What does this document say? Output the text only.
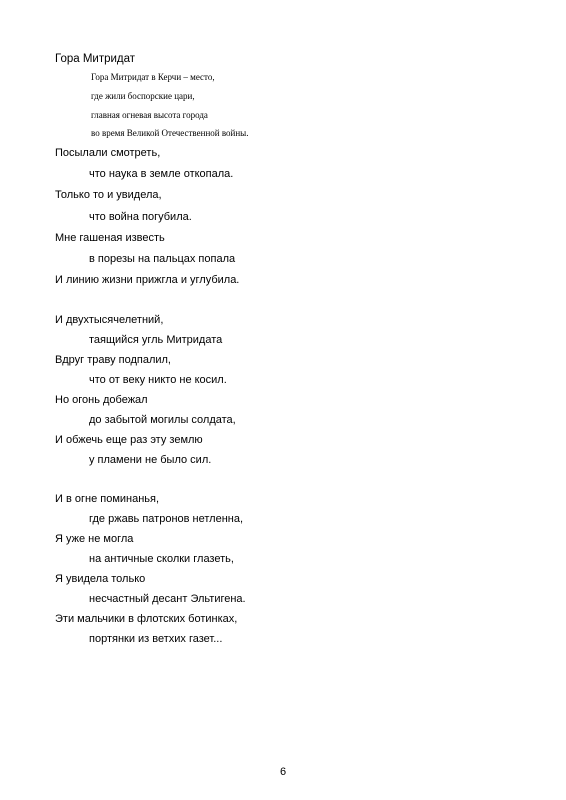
Гора Митридат
Гора Митридат в Керчи – место,
где жили боспорские цари,
главная огневая высота города
во время Великой Отечественной войны.
Посылали смотреть,
что наука в земле откопала.
Только то и увидела,
что война погубила.
Мне гашеная известь
в порезы на пальцах попала
И линию жизни прижгла и углубила.
И двухтысячелетний,
таящийся угль Митридата
Вдруг траву подпалил,
что от веку никто не косил.
Но огонь добежал
до забытой могилы солдата,
И обжечь еще раз эту землю
у пламени не было сил.
И в огне поминанья,
где ржавь патронов нетленна,
Я уже не могла
на античные сколки глазеть,
Я увидела только
несчастный десант Эльтигена.
Эти мальчики в флотских ботинках,
портянки из ветхих газет...
6
